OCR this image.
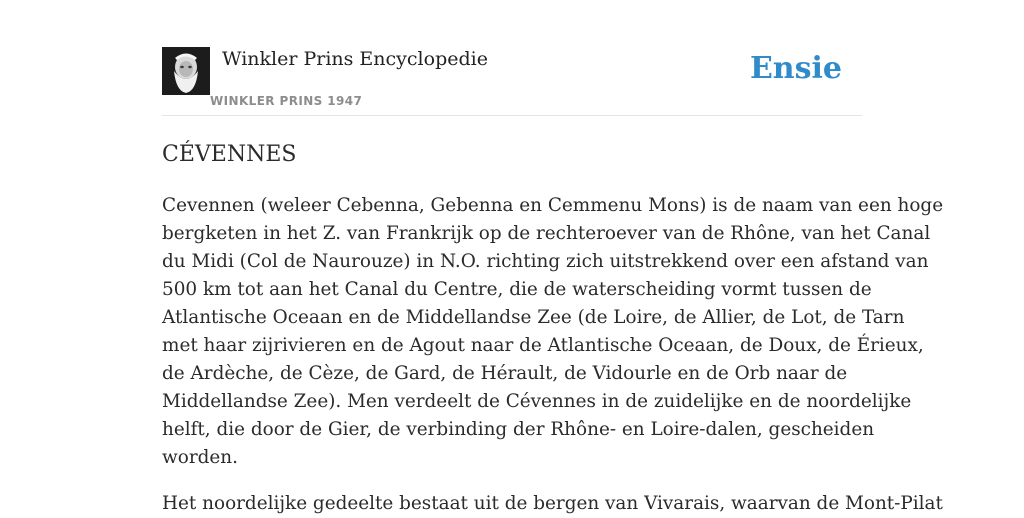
Winkler Prins Encyclopedie
WINKLER PRINS 1947
Ensie
CÉVENNES

Cevennen (weleer Cebenna, Gebenna en Cemmenu Mons) is de naam van een hoge
bergketen in het Z. van Frankrijk op de rechteroever van de Rhône, van het Canal
du Midi (Col de Naurouze) in N.O. richting zich uitstrekkend over een afstand van
500 km tot aan het Canal du Centre, die de waterscheiding vormt tussen de
Atlantische Oceaan en de Middellandse Zee (de Loire, de Allier, de Lot, de Tarn
met haar zijrivieren en de Agout naar de Atlantische Oceaan, de Doux, de Érieux,
de Ardèche, de Cèze, de Gard, de Hérault, de Vidourle en de Orb naar de
Middellandse Zee). Men verdeelt de Cévennes in de zuidelijke en de noordelijke
helft, die door de Gier, de verbinding der Rhône- en Loire-dalen, gescheiden
worden.

Het noordelijke gedeelte bestaat uit de bergen van Vivarais, waarvan de Mont-Pilat
